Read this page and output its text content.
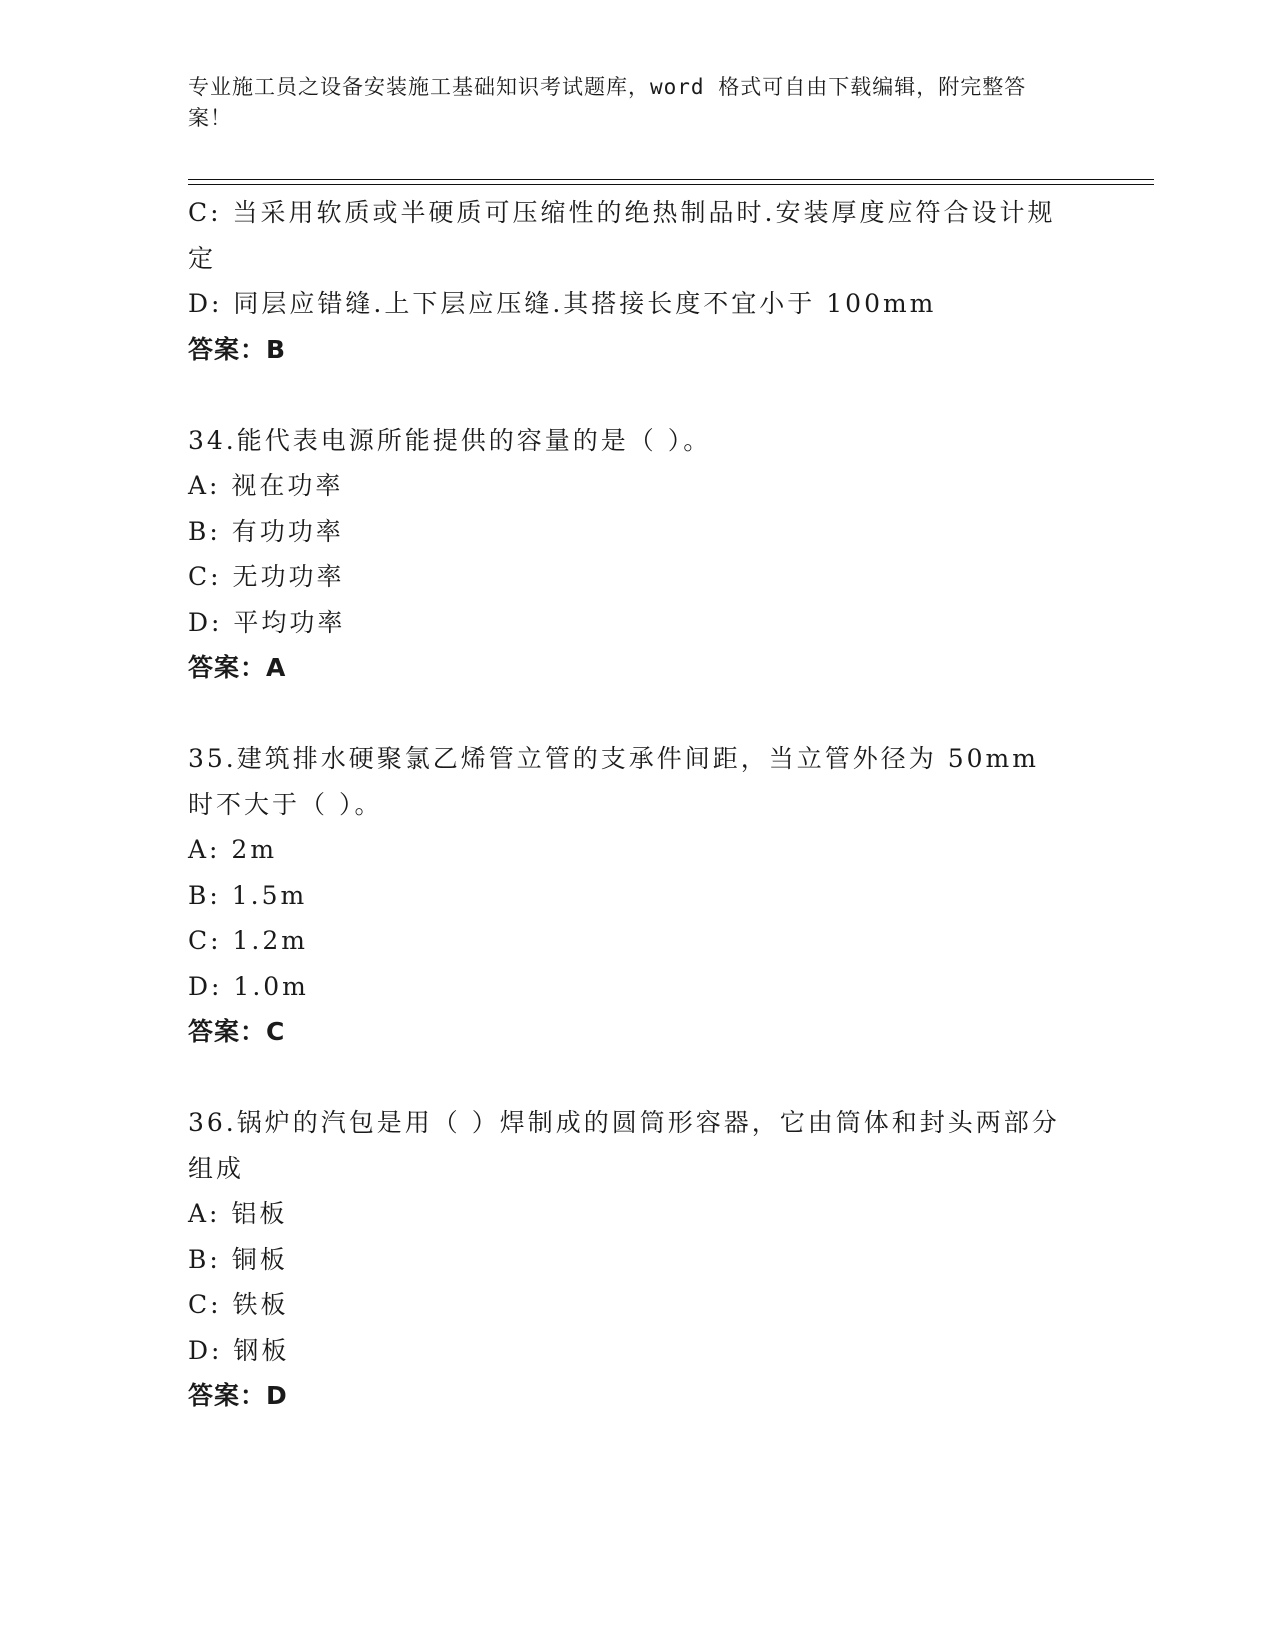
专业施工员之设备安装施工基础知识考试题库，word 格式可自由下载编辑，附完整答案！
C: 当采用软质或半硬质可压缩性的绝热制品时.安装厚度应符合设计规定
D: 同层应错缝.上下层应压缝.其搭接长度不宜小于 100mm
答案：B
34.能代表电源所能提供的容量的是（ ）。
A: 视在功率
B: 有功功率
C: 无功功率
D: 平均功率
答案：A
35.建筑排水硬聚氯乙烯管立管的支承件间距，当立管外径为 50mm 时不大于（ ）。
A: 2m
B: 1.5m
C: 1.2m
D: 1.0m
答案：C
36.锅炉的汽包是用（ ）焊制成的圆筒形容器，它由筒体和封头两部分组成
A: 铝板
B: 铜板
C: 铁板
D: 钢板
答案：D
